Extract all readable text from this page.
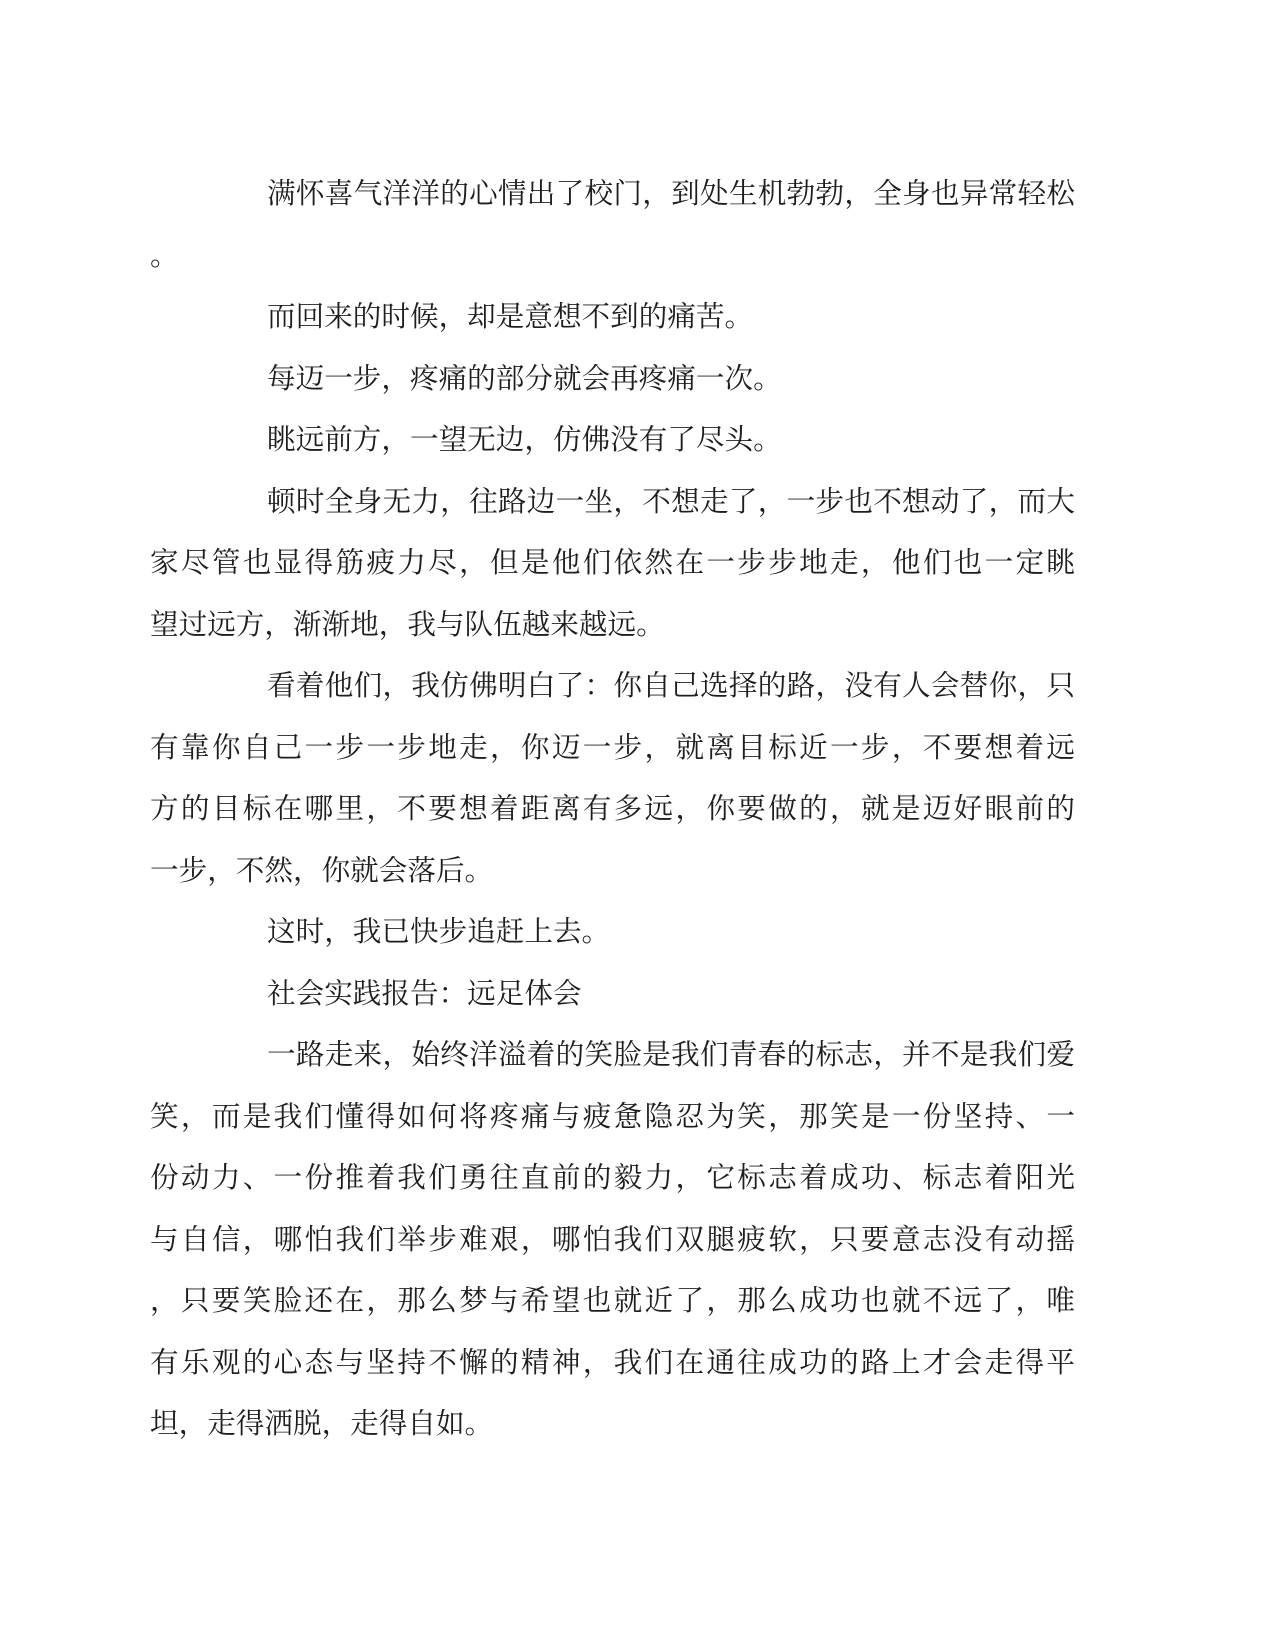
满怀喜气洋洋的心情出了校门，到处生机勃勃，全身也异常轻松
。
而回来的时候，却是意想不到的痛苦。
每迈一步，疼痛的部分就会再疼痛一次。
眺远前方，一望无边，仿佛没有了尽头。
顿时全身无力，往路边一坐，不想走了，一步也不想动了，而大
家尽管也显得筋疲力尽，但是他们依然在一步步地走，他们也一定眺
望过远方，渐渐地，我与队伍越来越远。
看着他们，我仿佛明白了：你自己选择的路，没有人会替你，只
有靠你自己一步一步地走，你迈一步，就离目标近一步，不要想着远
方的目标在哪里，不要想着距离有多远，你要做的，就是迈好眼前的
一步，不然，你就会落后。
这时，我已快步追赶上去。
社会实践报告：远足体会
一路走来，始终洋溢着的笑脸是我们青春的标志，并不是我们爱
笑，而是我们懂得如何将疼痛与疲惫隐忍为笑，那笑是一份坚持、一
份动力、一份推着我们勇往直前的毅力，它标志着成功、标志着阳光
与自信，哪怕我们举步难艰，哪怕我们双腿疲软，只要意志没有动摇
，只要笑脸还在，那么梦与希望也就近了，那么成功也就不远了，唯
有乐观的心态与坚持不懈的精神，我们在通往成功的路上才会走得平
坦，走得洒脱，走得自如。
